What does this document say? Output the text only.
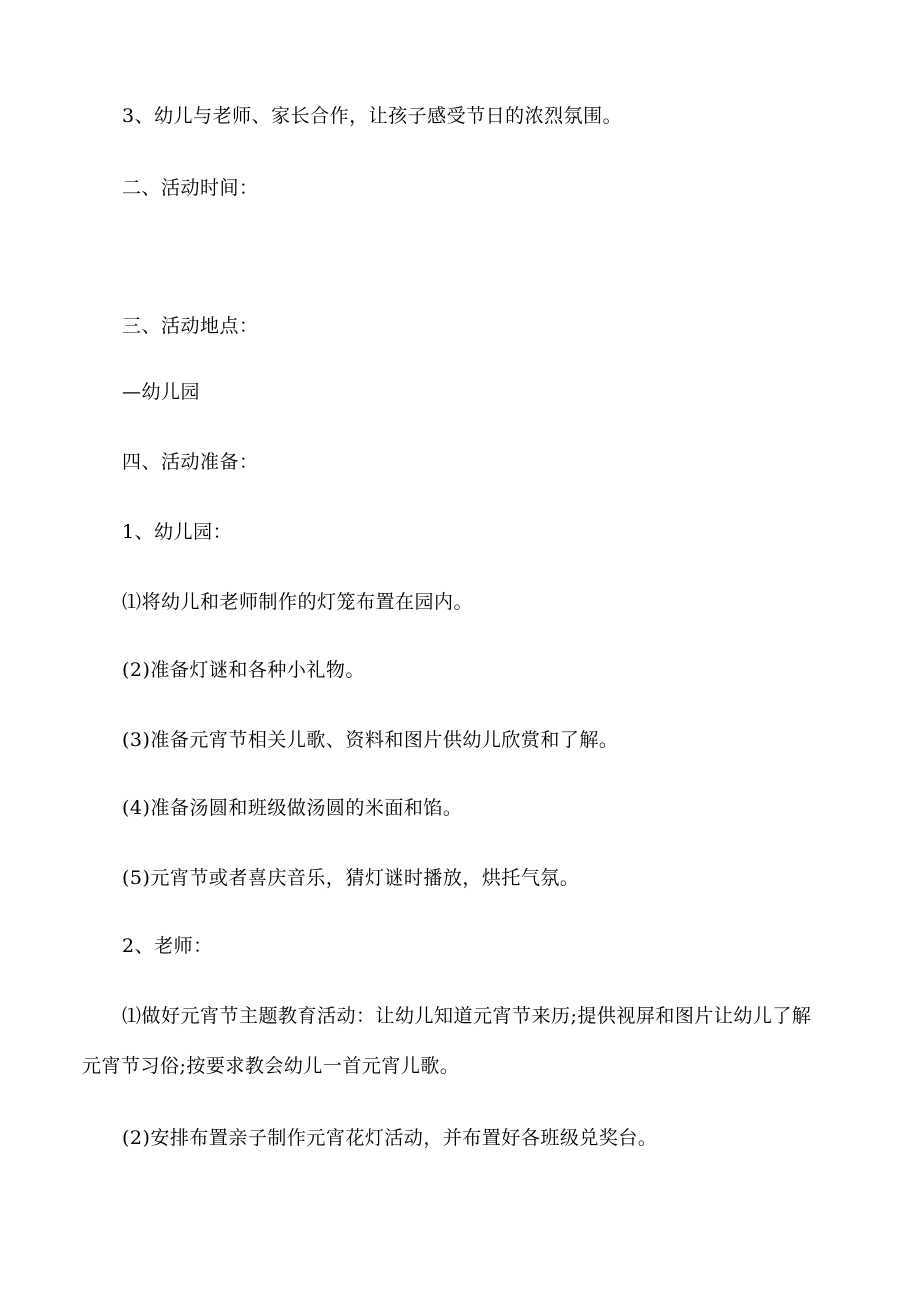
3、幼儿与老师、家长合作，让孩子感受节日的浓烈氛围。
二、活动时间：
三、活动地点：
—幼儿园
四、活动准备：
1、幼儿园：
⑴将幼儿和老师制作的灯笼布置在园内。
(2)准备灯谜和各种小礼物。
(3)准备元宵节相关儿歌、资料和图片供幼儿欣赏和了解。
(4)准备汤圆和班级做汤圆的米面和馅。
(5)元宵节或者喜庆音乐，猜灯谜时播放，烘托气氛。
2、老师：
⑴做好元宵节主题教育活动：让幼儿知道元宵节来历;提供视屏和图片让幼儿了解
元宵节习俗;按要求教会幼儿一首元宵儿歌。
(2)安排布置亲子制作元宵花灯活动，并布置好各班级兑奖台。
